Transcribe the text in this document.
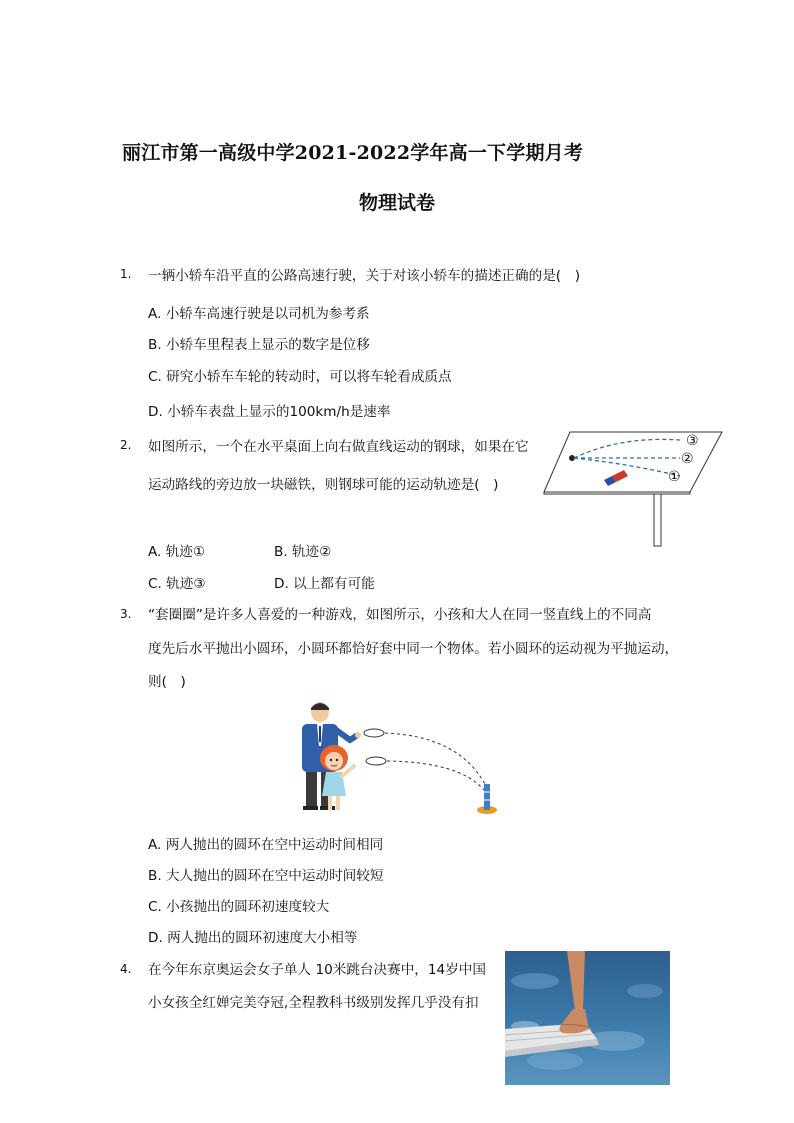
丽江市第一高级中学2021-2022学年高一下学期月考
物理试卷
1. 一辆小轿车沿平直的公路高速行驶，关于对该小轿车的描述正确的是(　)
A. 小轿车高速行驶是以司机为参考系
B. 小轿车里程表上显示的数字是位移
C. 研究小轿车车轮的转动时，可以将车轮看成质点
D. 小轿车表盘上显示的100km/h是速率
2. 如图所示，一个在水平桌面上向右做直线运动的钢球，如果在它
运动路线的旁边放一块磁铁，则钢球可能的运动轨迹是(　)
A. 轨迹①	B. 轨迹②
C. 轨迹③	D. 以上都有可能
③
②
①
3. “套圈圈”是许多人喜爱的一种游戏，如图所示，小孩和大人在同一竖直线上的不同高
度先后水平抛出小圆环，小圆环都恰好套中同一个物体。若小圆环的运动视为平抛运动，
则(　)
A. 两人抛出的圆环在空中运动时间相同
B. 大人抛出的圆环在空中运动时间较短
C. 小孩抛出的圆环初速度较大
D. 两人抛出的圆环初速度大小相等
4. 在今年东京奥运会女子单人 10米跳台决赛中，14岁中国
小女孩全红婵完美夺冠,全程教科书级别发挥几乎没有扣
